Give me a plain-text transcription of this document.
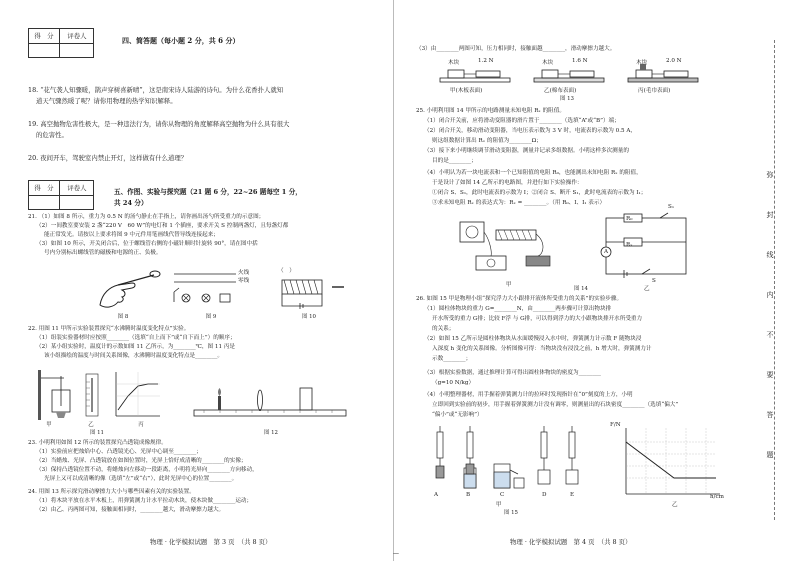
得　分	评卷人	四、简答题（每小题 2 分，共 6 分）
18. “花气袭人知骤暖，鹊声穿树喜新晴”，这是南宋诗人陆游的诗句。为什么花香扑人就知
道天气骤然暖了呢？请你用物理的热学知识解释。
19. 高空抛物危害性极大，是一种违法行为，请你从物理的角度解释高空抛物为什么具有很大
的危害性。
20. 夜间开车，驾驶室内禁止开灯，这样做有什么道理？
得　分	评卷人	五、作图、实验与探究题（21 题 6 分，22~26 题每空 1 分，
共 24 分）
21. （1）如图 8 所示，重力为 0.5 N 的汤勺静止在手指上，请你画出汤勺所受重力的示意图；
（2）一间教室要安装 2 盏“220 V　60 W”的电灯和 1 个插座，要求开关 S 控制两盏灯，且每盏灯都
能正常发光。请按以上要求将图 9 中元件用笔画线代替导线连接起来；
（3）如图 10 所示，开关闭合后，位于螺线管右侧的小磁针顺时针旋转 90°，请在图中括
号内分别标出螺线管的磁极和电源的正、负极。
图 8
火线
零线
图 9
（　）
图 10
22. 用图 11 甲所示实验装置探究“水沸腾时温度变化特点”实验。
（1）组装实验器材时应按照________（选填“自上而下”或“自下而上”）的顺序；
（2）某小组实验时，温度计的示数如图 11 乙所示，为________℃，图 11 丙是
该小组描绘的温度与时间关系图像，水沸腾时温度变化特点是________。
甲	乙	丙
图 11	图 12
23. 小明利用如图 12 所示的装置探究凸透镜成像规律。
（1）实验前应把烛焰中心、凸透镜光心、光屏中心调至________；
（2）当蜡烛、光屏、凸透镜放在如图位置时，光屏上恰好成清晰的________的实像；
（3）保持凸透镜位置不动，将蜡烛向左移动一段距离，小明将光屏向________方向移动，
光屏上又可以成清晰的像（选填“左”或“右”），此时光屏中心的位置________。
24. 用图 13 所示探究滑动摩擦力大小与哪些因素有关的实验装置。
（1）将木块平放在水平木板上，用弹簧测力计水平拉动木块，使木块做________运动；
（2）由乙、丙两图可知，接触面相同时，________越大，滑动摩擦力越大。
物理 · 化学模拟试题　第 3 页　（共 8 页）
（3）由________两图可知，压力相同时，接触面越________，滑动摩擦力越大。
木块	木块	木块
1.2 N	1.6 N	2.0 N
甲(木板表面)	乙(棉布表面)	丙(毛巾表面)
图 13
25. 小明利用图 14 甲所示的电路测量未知电阻 Rₓ 的阻值。
（1）闭合开关前，应将滑动变阻器的滑片置于________（选填“A”或“B”）端；
（2）闭合开关，移动滑动变阻器，当电压表示数为 3 V 时，电流表的示数为 0.5 A，
则这组数据计算出 Rₓ 的阻值为________Ω；
（3）接下来小明继续调节滑动变阻器，测量并记录多组数据。小明这样多次测量的
目的是________；
（4）小明认为若一块电流表和一个已知阻值的电阻 R₀，也能测出未知电阻 Rₓ 的阻值，
于是设计了如图 14 乙所示的电路图，并进行如下实验操作：
①闭合 S、S₁，此时电流表的示数为 I；②闭合 S、断开 S₁，此时电流表的示数为 I₁；
③求未知电阻 Rₓ 的表达式为：Rₓ = ________。（用 R₀、I、I₁ 表示）
R₀
S₁
Rₓ
S
A
甲
乙
图 14
26. 如图 15 甲是物理小组“探究浮力大小跟排开液体所受重力的关系”的实验步骤。
（1）圆柱体物块的重力 G=________N，由________两步骤可计算出物块排
开水所受的重力 G排；比较 F浮 与 G排，可以得到浮力的大小跟物块排开水所受重力
的关系；
（2）如图 15 乙所示是圆柱体物块从水面缓慢浸入水中时，弹簧测力计示数 F 随物块浸
入深度 h 变化的关系图像。分析图像可得：当物块没有浸没之前，h 增大时，弹簧测力计
示数________；
（3）根据实验数据，通过推理计算可得出圆柱体物块的密度为________
（g=10 N/kg）
（4）小明整理器材，用手握着弹簧测力计的拉环时发现指针在“0”刻度的上方，小明
立即回到实验前的初步，用手握着弹簧测力计没有调零，则测量出的石块密度________（选填“偏大”
“偏小”或“无影响”）
A	B	C	D	E
F/N
h/cm
甲	乙
图 15
物理 · 化学模拟试题　第 4 页　（共 8 页）
弥
封
线
内
不
要
答
题
—
